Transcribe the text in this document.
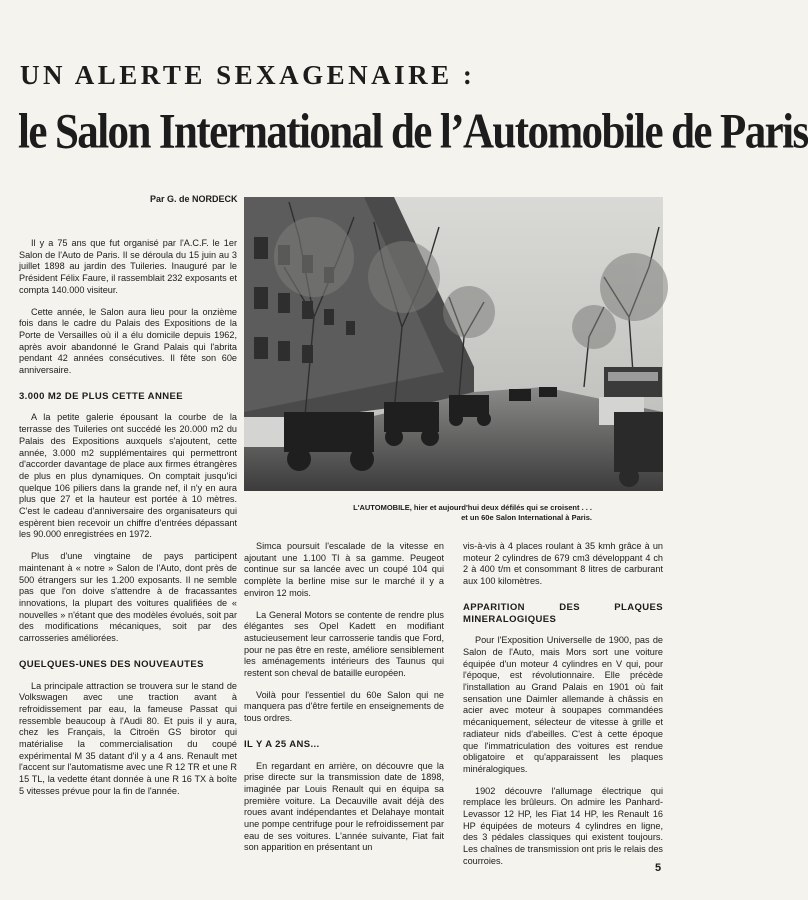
UN ALERTE SEXAGENAIRE :
le Salon International de l’Automobile de Paris
Par G. de NORDECK

Il y a 75 ans que fut organisé par l'A.C.F. le 1er Salon de l'Auto de Paris. Il se déroula du 15 juin au 3 juillet 1898 au jardin des Tuileries. Inauguré par le Président Félix Faure, il rassemblait 232 exposants et compta 140.000 visiteur.

Cette année, le Salon aura lieu pour la onzième fois dans le cadre du Palais des Expositions de la Porte de Versailles où il a élu domicile depuis 1962, après avoir abandonné le Grand Palais qui l'abrita pendant 42 années consécutives. Il fête son 60e anniversaire.

3.000 M2 DE PLUS CETTE ANNEE

A la petite galerie épousant la courbe de la terrasse des Tuileries ont succédé les 20.000 m2 du Palais des Expositions auxquels s'ajoutent, cette année, 3.000 m2 supplémentaires qui permettront d'accorder davantage de place aux firmes étrangères de plus en plus dynamiques. On comptait jusqu'ici quelque 106 piliers dans la grande nef, il n'y en aura plus que 27 et la hauteur est portée à 10 mètres. C'est le cadeau d'anniversaire des organisateurs qui espèrent bien recevoir un chiffre d'entrées dépassant les 90.000 enregistrées en 1972.

Plus d'une vingtaine de pays participent maintenant à « notre » Salon de l'Auto, dont près de 500 étrangers sur les 1.200 exposants. Il ne semble pas que l'on doive s'attendre à de fracassantes innovations, la plupart des voitures qualifiées de « nouvelles » n'étant que des modèles évolués, soit par des modifications mécaniques, soit par des carrosseries améliorées.

QUELQUES-UNES DES NOUVEAUTES

La principale attraction se trouvera sur le stand de Volkswagen avec une traction avant à refroidissement par eau, la fameuse Passat qui ressemble beaucoup à l'Audi 80. Et puis il y aura, chez les Français, la Citroën GS birotor qui matérialise la commercialisation du coupé expérimental M 35 datant d'il y a 4 ans. Renault met l'accent sur l'automatisme avec une R 12 TR et une R 15 TL, la vedette étant donnée à une R 16 TX à boîte 5 vitesses prévue pour la fin de l'année.

L'AUTOMOBILE, hier et aujourd'hui deux défilés qui se croisent . . .
et un 60e Salon International à Paris.

Simca poursuit l'escalade de la vitesse en ajoutant une 1.100 TI à sa gamme. Peugeot continue sur sa lancée avec un coupé 104 qui complète la berline mise sur le marché il y a environ 12 mois.

La General Motors se contente de rendre plus élégantes ses Opel Kadett en modifiant astucieusement leur carrosserie tandis que Ford, pour ne pas être en reste, améliore sensiblement les aménagements intérieurs des Taunus qui restent son cheval de bataille européen.

Voilà pour l'essentiel du 60e Salon qui ne manquera pas d'être fertile en enseignements de tous ordres.

IL Y A 25 ANS...

En regardant en arrière, on découvre que la prise directe sur la transmission date de 1898, imaginée par Louis Renault qui en équipa sa première voiture. La Decauville avait déjà des roues avant indépendantes et Delahaye montait une pompe centrifuge pour le refroidissement par eau de ses voitures. L'année suivante, Fiat fait son apparition en présentant un

vis-à-vis à 4 places roulant à 35 kmh grâce à un moteur 2 cylindres de 679 cm3 développant 4 ch 2 à 400 t/m et consommant 8 litres de carburant aux 100 kilomètres.

APPARITION DES PLAQUES MINERALOGIQUES

Pour l'Exposition Universelle de 1900, pas de Salon de l'Auto, mais Mors sort une voiture équipée d'un moteur 4 cylindres en V qui, pour l'époque, est révolutionnaire. Elle précède l'installation au Grand Palais en 1901 où fait sensation une Daimler allemande à châssis en acier avec moteur à soupapes commandées mécaniquement, sélecteur de vitesse à grille et radiateur nids d'abeilles. C'est à cette époque que l'immatriculation des voitures est rendue obligatoire et qu'apparaissent les plaques minéralogiques.

1902 découvre l'allumage électrique qui remplace les brûleurs. On admire les Panhard-Levassor 12 HP, les Fiat 14 HP, les Renault 16 HP équipées de moteurs 4 cylindres en ligne, des 3 pédales classiques qui existent toujours. Les chaînes de transmission ont pris le relais des courroies.

5
